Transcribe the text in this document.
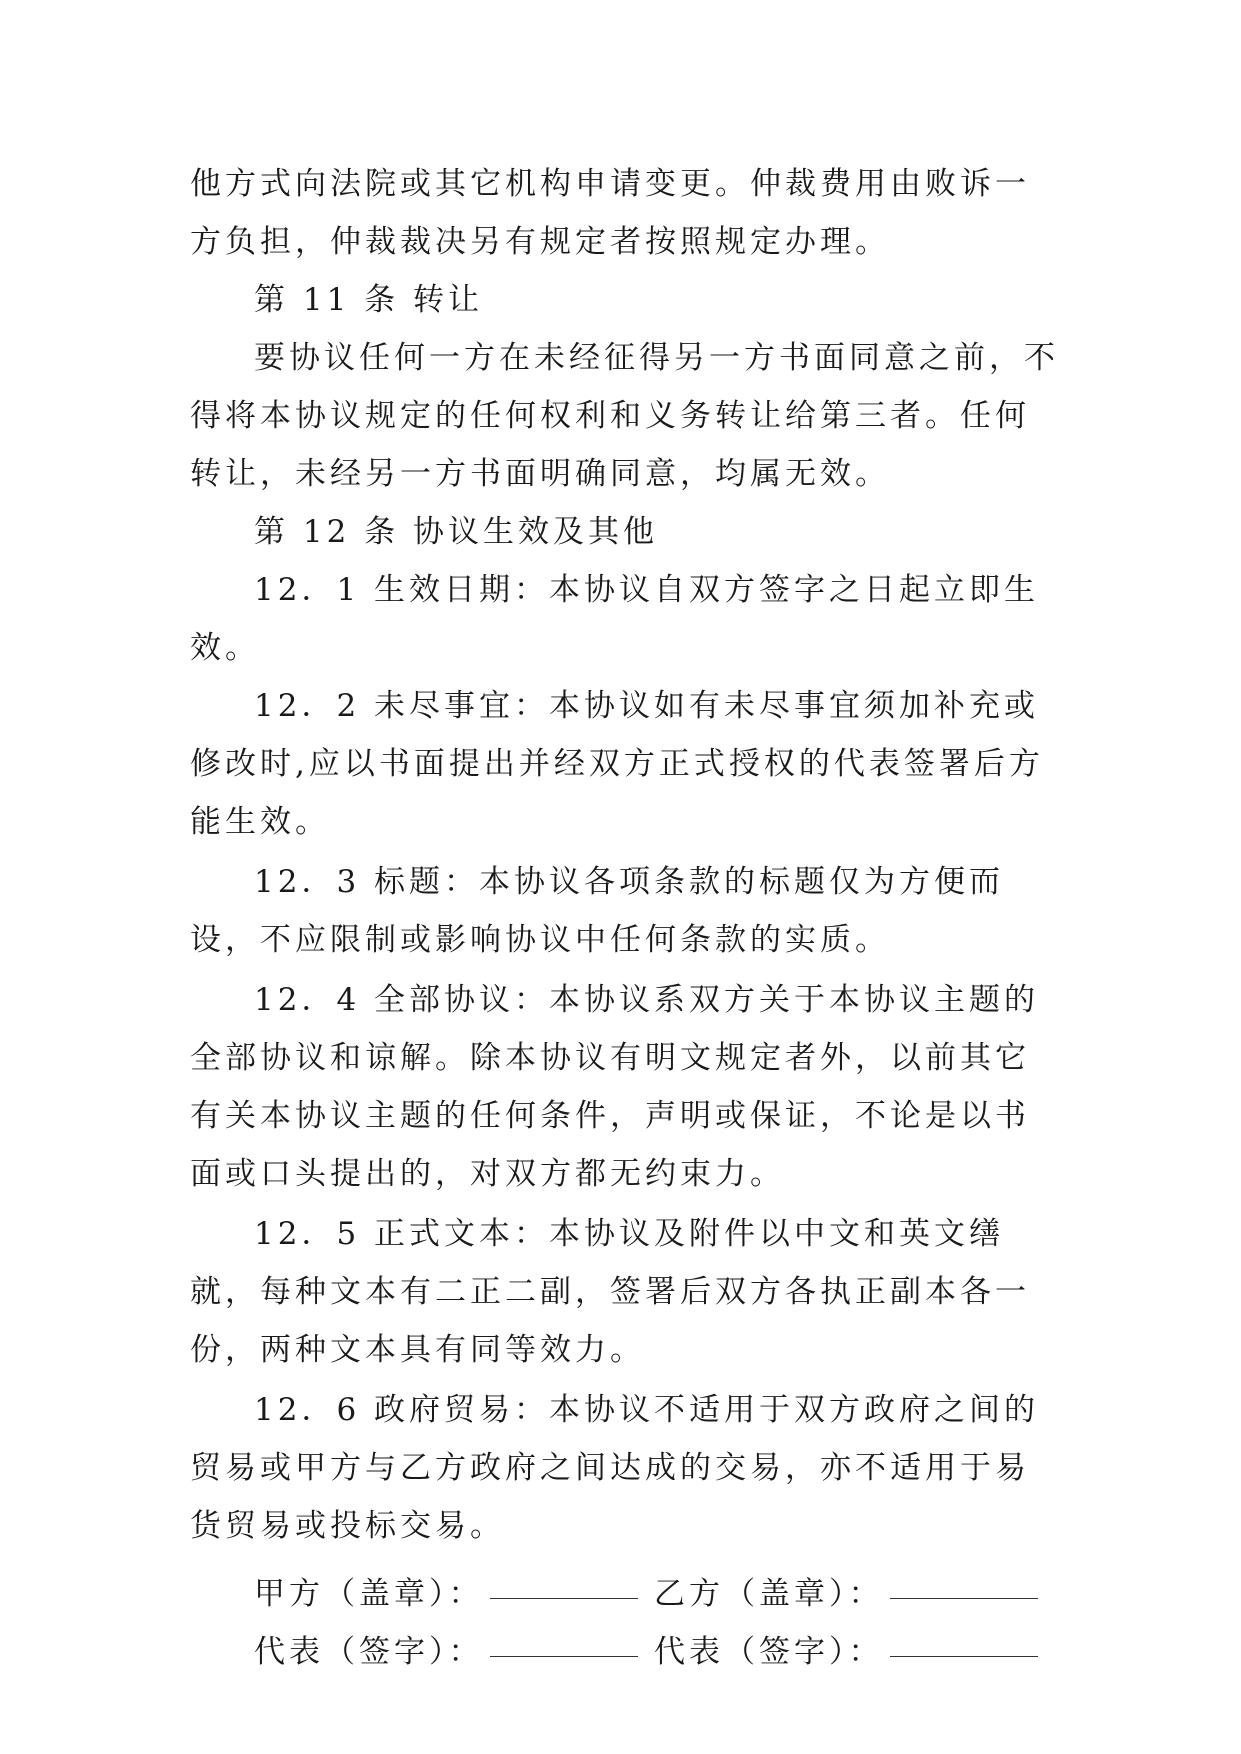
他方式向法院或其它机构申请变更。仲裁费用由败诉一方负担，仲裁裁决另有规定者按照规定办理。

第 11 条 转让

要协议任何一方在未经征得另一方书面同意之前，不得将本协议规定的任何权利和义务转让给第三者。任何转让，未经另一方书面明确同意，均属无效。

第 12 条 协议生效及其他

12．1 生效日期：本协议自双方签字之日起立即生效。

12．2 未尽事宜：本协议如有未尽事宜须加补充或修改时,应以书面提出并经双方正式授权的代表签署后方能生效。

12．3 标题：本协议各项条款的标题仅为方便而设，不应限制或影响协议中任何条款的实质。

12．4 全部协议：本协议系双方关于本协议主题的全部协议和谅解。除本协议有明文规定者外，以前其它有关本协议主题的任何条件，声明或保证，不论是以书面或口头提出的，对双方都无约束力。

12．5 正式文本：本协议及附件以中文和英文缮就，每种文本有二正二副，签署后双方各执正副本各一份，两种文本具有同等效力。

12．6 政府贸易：本协议不适用于双方政府之间的贸易或甲方与乙方政府之间达成的交易，亦不适用于易货贸易或投标交易。

甲方（盖章）：	乙方（盖章）：
代表（签字）：	代表（签字）：
